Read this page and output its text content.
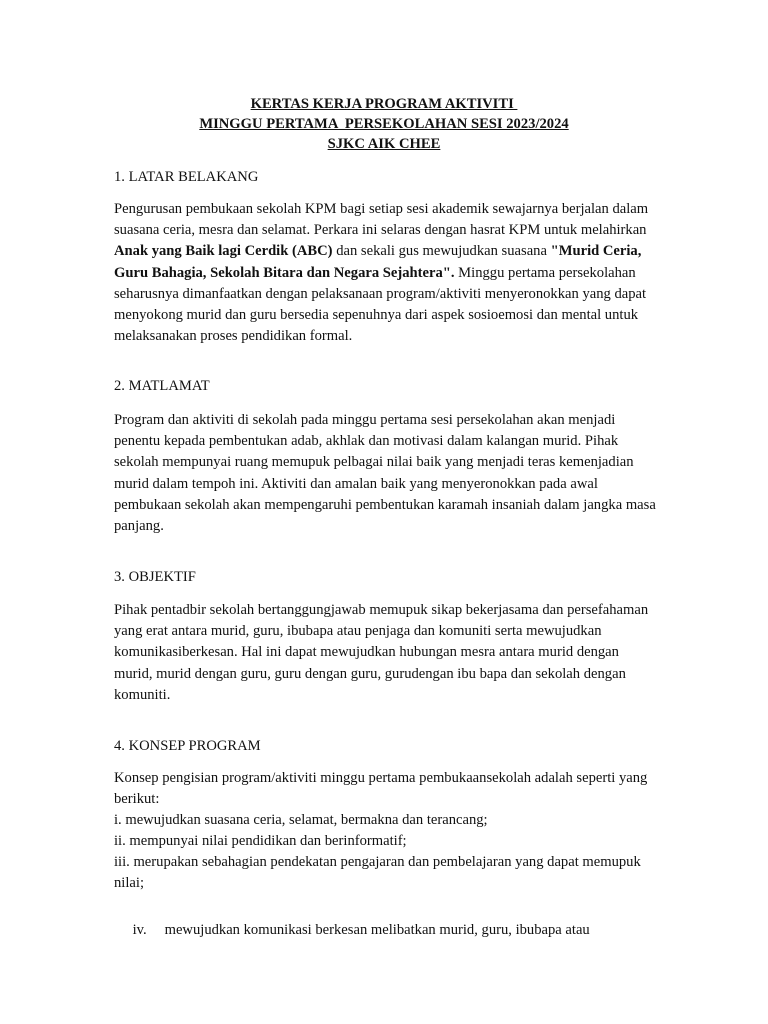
KERTAS KERJA PROGRAM AKTIVITI
MINGGU PERTAMA  PERSEKOLAHAN SESI 2023/2024
SJKC AIK CHEE
1. LATAR BELAKANG
Pengurusan pembukaan sekolah KPM bagi setiap sesi akademik sewajarnya berjalan dalam suasana ceria, mesra dan selamat. Perkara ini selaras dengan hasrat KPM untuk melahirkan Anak yang Baik lagi Cerdik (ABC) dan sekali gus mewujudkan suasana "Murid Ceria, Guru Bahagia, Sekolah Bitara dan Negara Sejahtera". Minggu pertama persekolahan seharusnya dimanfaatkan dengan pelaksanaan program/aktiviti menyeronokkan yang dapat menyokong murid dan guru bersedia sepenuhnya dari aspek sosioemosi dan mental untuk melaksanakan proses pendidikan formal.
2. MATLAMAT
Program dan aktiviti di sekolah pada minggu pertama sesi persekolahan akan menjadi penentu kepada pembentukan adab, akhlak dan motivasi dalam kalangan murid. Pihak sekolah mempunyai ruang memupuk pelbagai nilai baik yang menjadi teras kemenjadian murid dalam tempoh ini. Aktiviti dan amalan baik yang menyeronokkan pada awal pembukaan sekolah akan mempengaruhi pembentukan karamah insaniah dalam jangka masa panjang.
3. OBJEKTIF
Pihak pentadbir sekolah bertanggungjawab memupuk sikap bekerjasama dan persefahaman yang erat antara murid, guru, ibubapa atau penjaga dan komuniti serta mewujudkan komunikasiberkesan. Hal ini dapat mewujudkan hubungan mesra antara murid dengan murid, murid dengan guru, guru dengan guru, gurudengan ibu bapa dan sekolah dengan komuniti.
4. KONSEP PROGRAM
Konsep pengisian program/aktiviti minggu pertama pembukaansekolah adalah seperti yang berikut:
i. mewujudkan suasana ceria, selamat, bermakna dan terancang;
ii. mempunyai nilai pendidikan dan berinformatif;
iii. merupakan sebahagian pendekatan pengajaran dan pembelajaran yang dapat memupuk nilai;

iv. mewujudkan komunikasi berkesan melibatkan murid, guru, ibubapa atau
